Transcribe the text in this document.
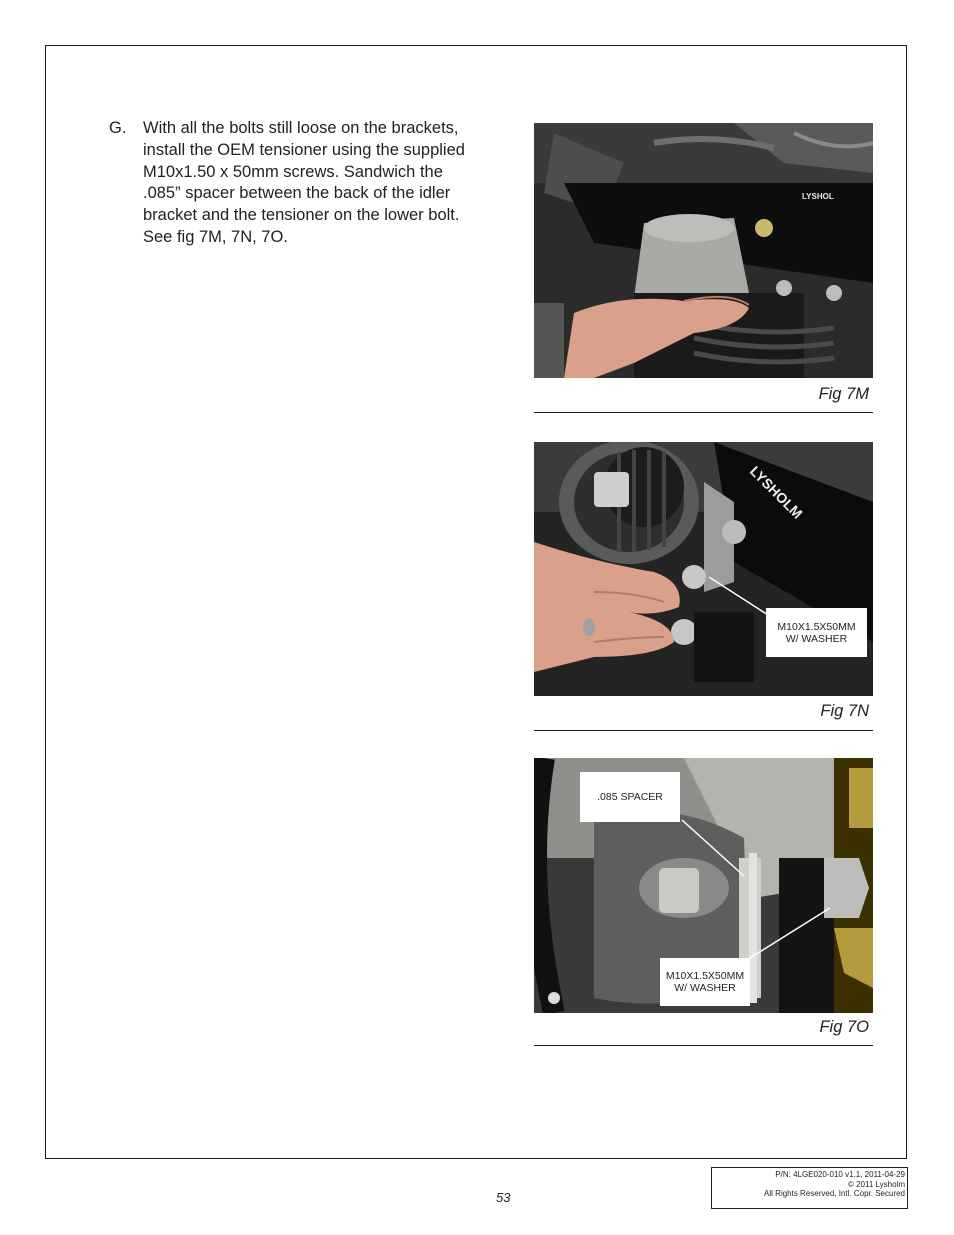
G. With all the bolts still loose on the brackets,
install the OEM tensioner using the supplied
M10x1.50 x 50mm screws. Sandwich the
.085” spacer between the back of the idler
bracket and the tensioner on the lower bolt.
See fig 7M, 7N, 7O.
LYSHOL
Fig 7M
LYSHOLM
M10X1.5X50MM
W/ WASHER
Fig 7N
.085 SPACER
M10X1.5X50MM
W/ WASHER
Fig 7O
53
P/N: 4LGE020-010 v1.1, 2011-04-29
© 2011 Lysholm
All Rights Reserved, Intl. Copr. Secured
